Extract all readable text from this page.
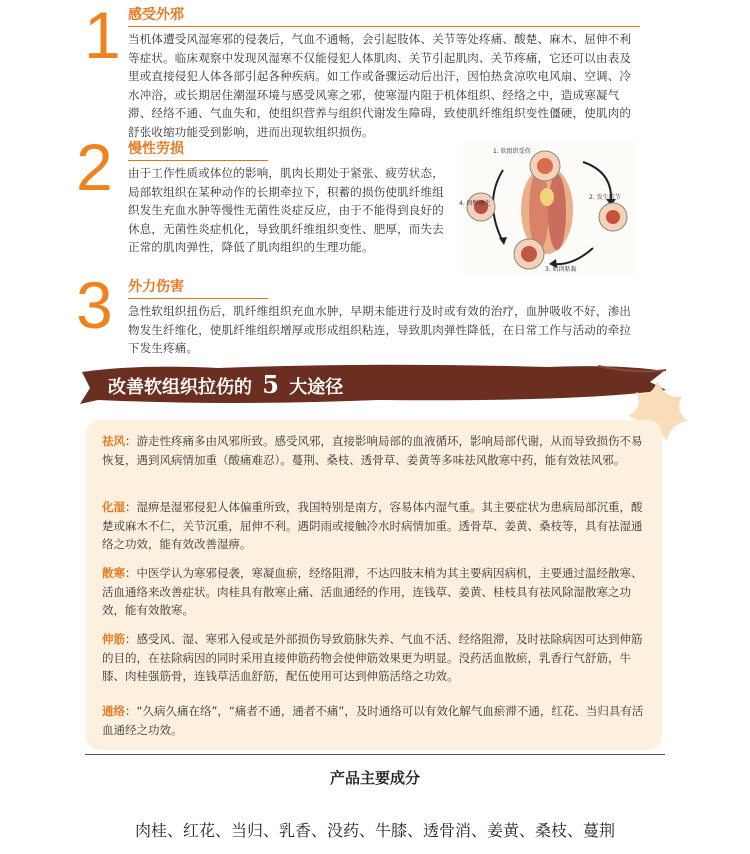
1 感受外邪
当机体遭受风湿寒邪的侵袭后，气血不通畅，会引起肢体、关节等处疼痛、酸楚、麻木、屈伸不利等症状。临床观察中发现风湿寒不仅能侵犯人体肌肉、关节引起肌肉、关节疼痛，它还可以由表及里或直接侵犯人体各部引起各种疾病。如工作或备骤运动后出汗，因怕热贪凉吹电风扇、空调、冷水冲浴，或长期居住潮湿环境与感受风寒之邪，使寒湿内阻于机体组织、经络之中，造成寒凝气滞、经络不通、气血失和，使组织营养与组织代谢发生障碍，致使肌纤维组织变性僵硬，使肌肉的舒张收缩功能受到影响，进而出现软组织损伤。
2 慢性劳损
由于工作性质或体位的影响，肌肉长期处于紧张、疲劳状态，局部软组织在某种动作的长期牵拉下，积蓄的损伤使肌纤维组织发生充血水肿等慢性无菌性炎症反应，由于不能得到良好的休息，无菌性炎症机化，导致肌纤维组织变性、肥厚，而失去正常的肌肉弹性，降低了肌肉组织的生理功能。
1. 软组织受伤
2. 发生结节
4. 固醇梗化
3. 肌肉粘黏
3 外力伤害
急性软组织扭伤后，肌纤维组织充血水肿，早期未能进行及时或有效的治疗，血肿吸收不好，渗出物发生纤维化，使肌纤维组织增厚或形成组织粘连，导致肌肉弹性降低，在日常工作与活动的牵拉下发生疼痛。
改善软组织拉伤的 5 大途径
祛风：游走性疼痛多由风邪所致。感受风邪，直接影响局部的血液循环，影响局部代谢，从而导致损伤不易恢复，遇到风病情加重（酸痛难忍）。蔓荆、桑枝、透骨草、姜黄等多味祛风散寒中药，能有效祛风邪。
化湿：湿痹是湿邪侵犯人体偏重所致，我国特别是南方，容易体内湿气重。其主要症状为患病局部沉重，酸楚或麻木不仁，关节沉重，屈伸不利。遇阴雨或接触冷水时病情加重。透骨草、姜黄、桑枝等，具有祛湿通络之功效，能有效改善湿痹。
散寒：中医学认为寒邪侵袭，寒凝血瘀，经络阻滞，不达四肢末梢为其主要病因病机，主要通过温经散寒、活血通络来改善症状。肉桂具有散寒止痛、活血通经的作用，连钱草、姜黄、桂枝具有祛风除湿散寒之功效，能有效散寒。
伸筋：感受风、湿、寒邪入侵或是外部损伤导致筋脉失养、气血不活、经络阻滞，及时祛除病因可达到伸筋的目的，在祛除病因的同时采用直接伸筋药物会使伸筋效果更为明显。没药活血散瘀，乳香行气舒筋，牛膝、肉桂强筋骨，连钱草活血舒筋，配伍使用可达到伸筋活络之功效。
通络：“久病久痛在络”，“痛者不通，通者不痛”，及时通络可以有效化解气血瘀滞不通，红花、当归具有活血通经之功效。
产品主要成分
肉桂、红花、当归、乳香、没药、牛膝、透骨消、姜黄、桑枝、蔓荆
